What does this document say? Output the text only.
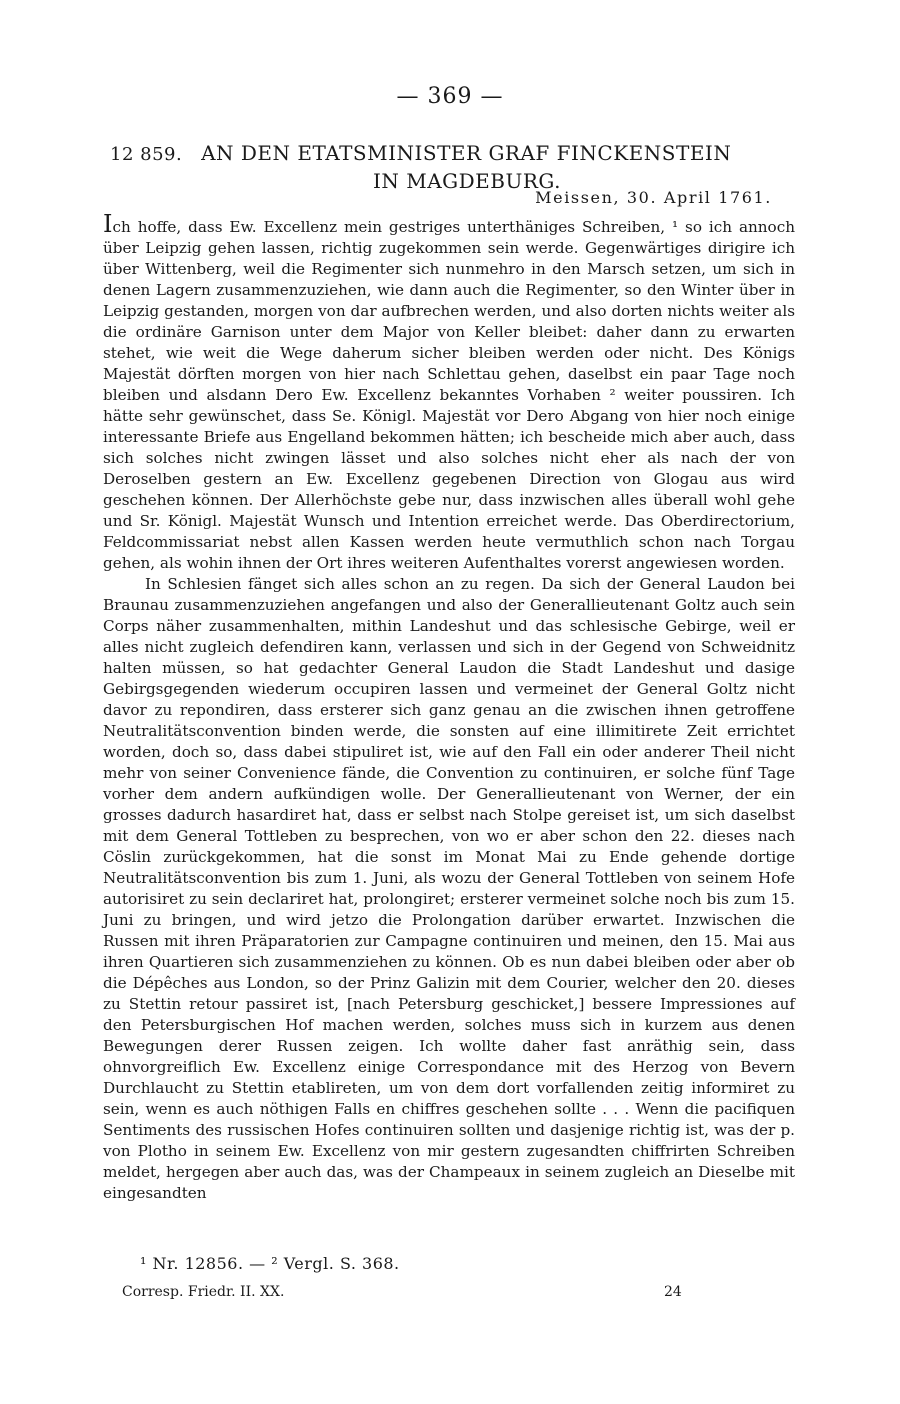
— 369 —
12 859. AN DEN ETATSMINISTER GRAF FINCKENSTEIN
IN MAGDEBURG.
Meissen, 30. April 1761.

Ich hoffe, dass Ew. Excellenz mein gestriges unterthäniges Schreiben, ¹ so ich annoch über Leipzig gehen lassen, richtig zugekommen sein werde. Gegenwärtiges dirigire ich über Wittenberg, weil die Regimenter sich nunmehro in den Marsch setzen, um sich in denen Lagern zusammenzuziehen, wie dann auch die Regimenter, so den Winter über in Leipzig gestanden, morgen von dar aufbrechen werden, und also dorten nichts weiter als die ordinäre Garnison unter dem Major von Keller bleibet: daher dann zu erwarten stehet, wie weit die Wege daherum sicher bleiben werden oder nicht. Des Königs Majestät dörften morgen von hier nach Schlettau gehen, daselbst ein paar Tage noch bleiben und alsdann Dero Ew. Excellenz bekanntes Vorhaben ² weiter poussiren. Ich hätte sehr gewünschet, dass Se. Königl. Majestät vor Dero Abgang von hier noch einige interessante Briefe aus Engelland bekommen hätten; ich bescheide mich aber auch, dass sich solches nicht zwingen lässet und also solches nicht eher als nach der von Deroselben gestern an Ew. Excellenz gegebenen Direction von Glogau aus wird geschehen können. Der Allerhöchste gebe nur, dass inzwischen alles überall wohl gehe und Sr. Königl. Majestät Wunsch und Intention erreichet werde. Das Oberdirectorium, Feldcommissariat nebst allen Kassen werden heute vermuthlich schon nach Torgau gehen, als wohin ihnen der Ort ihres weiteren Aufenthaltes vorerst angewiesen worden.

In Schlesien fänget sich alles schon an zu regen. Da sich der General Laudon bei Braunau zusammenzuziehen angefangen und also der Generallieutenant Goltz auch sein Corps näher zusammenhalten, mithin Landeshut und das schlesische Gebirge, weil er alles nicht zugleich defendiren kann, verlassen und sich in der Gegend von Schweidnitz halten müssen, so hat gedachter General Laudon die Stadt Landeshut und dasige Gebirgsgegenden wiederum occupiren lassen und vermeinet der General Goltz nicht davor zu repondiren, dass ersterer sich ganz genau an die zwischen ihnen getroffene Neutralitätsconvention binden werde, die sonsten auf eine illimitirete Zeit errichtet worden, doch so, dass dabei stipuliret ist, wie auf den Fall ein oder anderer Theil nicht mehr von seiner Convenience fände, die Convention zu continuiren, er solche fünf Tage vorher dem andern aufkündigen wolle. Der Generallieutenant von Werner, der ein grosses dadurch hasardiret hat, dass er selbst nach Stolpe gereiset ist, um sich daselbst mit dem General Tottleben zu besprechen, von wo er aber schon den 22. dieses nach Cöslin zurückgekommen, hat die sonst im Monat Mai zu Ende gehende dortige Neutralitätsconvention bis zum 1. Juni, als wozu der General Tottleben von seinem Hofe autorisiret zu sein declariret hat, prolongiret; ersterer vermeinet solche noch bis zum 15. Juni zu bringen, und wird jetzo die Prolongation darüber erwartet. Inzwischen die Russen mit ihren Präparatorien zur Campagne continuiren und meinen, den 15. Mai aus ihren Quartieren sich zusammenziehen zu können. Ob es nun dabei bleiben oder aber ob die Dépêches aus London, so der Prinz Galizin mit dem Courier, welcher den 20. dieses zu Stettin retour passiret ist, [nach Petersburg geschicket,] bessere Impressiones auf den Petersburgischen Hof machen werden, solches muss sich in kurzem aus denen Bewegungen derer Russen zeigen. Ich wollte daher fast anräthig sein, dass ohnvorgreiflich Ew. Excellenz einige Correspondance mit des Herzog von Bevern Durchlaucht zu Stettin etablireten, um von dem dort vorfallenden zeitig informiret zu sein, wenn es auch nöthigen Falls en chiffres geschehen sollte . . . Wenn die pacifiquen Sentiments des russischen Hofes continuiren sollten und dasjenige richtig ist, was der p. von Plotho in seinem Ew. Excellenz von mir gestern zugesandten chiffrirten Schreiben meldet, hergegen aber auch das, was der Champeaux in seinem zugleich an Dieselbe mit eingesandten

¹ Nr. 12856. — ² Vergl. S. 368.
Corresp. Friedr. II. XX.	24
